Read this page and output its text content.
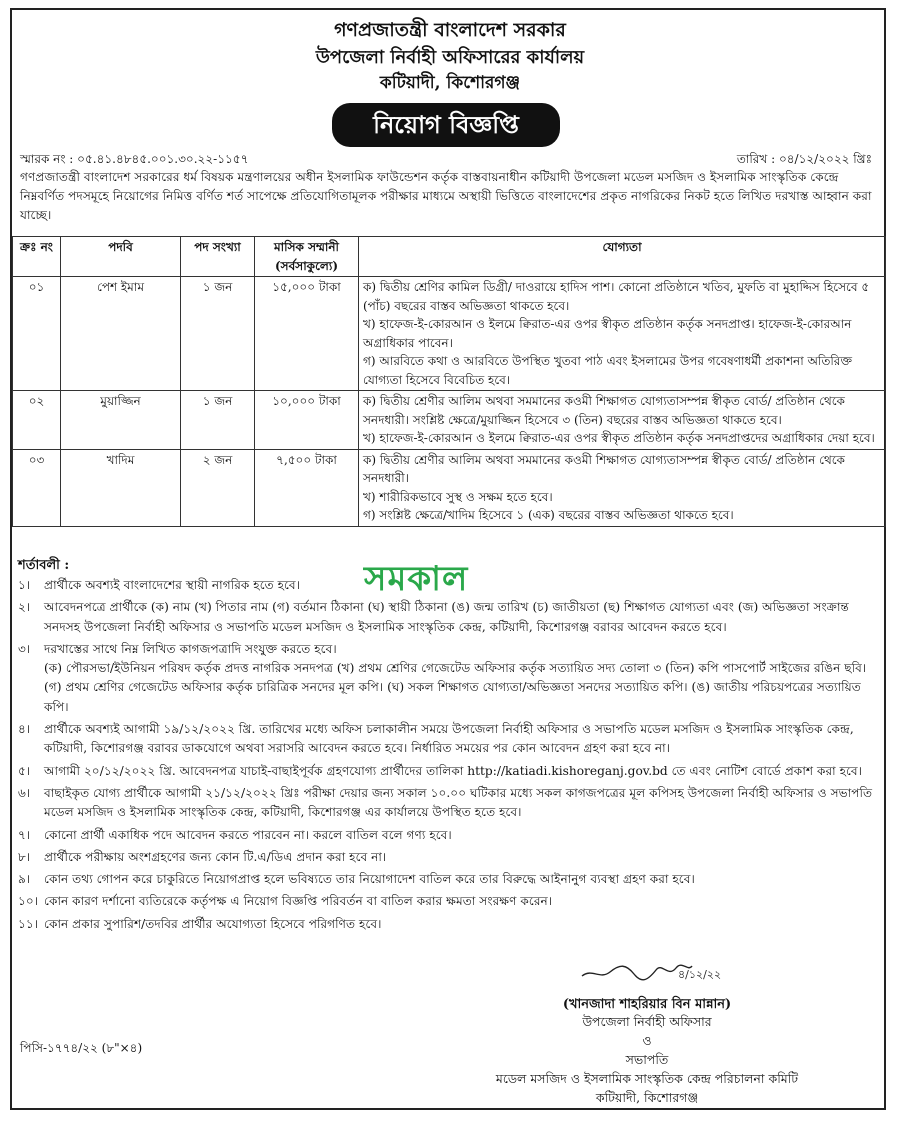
গণপ্রজাতন্ত্রী বাংলাদেশ সরকার
উপজেলা নির্বাহী অফিসারের কার্যালয়
কটিয়াদী, কিশোরগঞ্জ
নিয়োগ বিজ্ঞপ্তি
স্মারক নং : ০৫.৪১.৪৮৪৫.০০১.৩০.২২-১১৫৭	তারিখ : ০৪/১২/২০২২ খ্রিঃ
গণপ্রজাতন্ত্রী বাংলাদেশ সরকারের ধর্ম বিষয়ক মন্ত্রণালয়ের অধীন ইসলামিক ফাউন্ডেশন কর্তৃক বাস্তবায়নাধীন কটিয়াদী উপজেলা মডেল মসজিদ ও ইসলামিক সাংস্কৃতিক কেন্দ্রে নিম্নবর্ণিত পদসমূহে নিয়োগের নিমিত্ত বর্ণিত শর্ত সাপেক্ষে প্রতিযোগিতামূলক পরীক্ষার মাধ্যমে অস্থায়ী ভিত্তিতে বাংলাদেশের প্রকৃত নাগরিকের নিকট হতে লিখিত দরখাস্ত আহ্বান করা যাচ্ছে।
ক্রঃ নং	পদবি	পদ সংখ্যা	মাসিক সম্মানী (সর্বসাকুল্যে)	যোগ্যতা
০১	পেশ ইমাম	১ জন	১৫,০০০ টাকা	ক) দ্বিতীয় শ্রেণির কামিল ডিগ্রী/ দাওরায়ে হাদিস পাশ। কোনো প্রতিষ্ঠানে খতিব, মুফতি বা মুহাদ্দিস হিসেবে ৫ (পাঁচ) বছরের বাস্তব অভিজ্ঞতা থাকতে হবে।
খ) হাফেজ-ই-কোরআন ও ইলমে ক্বিরাত-এর ওপর স্বীকৃত প্রতিষ্ঠান কর্তৃক সনদপ্রাপ্ত। হাফেজ-ই-কোরআন অগ্রাধিকার পাবেন।
গ) আরবিতে কথা ও আরবিতে উপস্থিত খুতবা পাঠ এবং ইসলামের উপর গবেষণাধর্মী প্রকাশনা অতিরিক্ত যোগ্যতা হিসেবে বিবেচিত হবে।

০২	মুয়াজ্জিন	১ জন	১০,০০০ টাকা	ক) দ্বিতীয় শ্রেণীর আলিম অথবা সমমানের কওমী শিক্ষাগত যোগ্যতাসম্পন্ন স্বীকৃত বোর্ড/ প্রতিষ্ঠান থেকে সনদধারী। সংশ্লিষ্ট ক্ষেত্রে/মুয়াজ্জিন হিসেবে ৩ (তিন) বছরের বাস্তব অভিজ্ঞতা থাকতে হবে।
খ) হাফেজ-ই-কোরআন ও ইলমে ক্বিরাত-এর ওপর স্বীকৃত প্রতিষ্ঠান কর্তৃক সনদপ্রাপ্তদের অগ্রাধিকার দেয়া হবে।

০৩	খাদিম	২ জন	৭,৫০০ টাকা	ক) দ্বিতীয় শ্রেণীর আলিম অথবা সমমানের কওমী শিক্ষাগত যোগ্যতাসম্পন্ন স্বীকৃত বোর্ড/ প্রতিষ্ঠান থেকে সনদধারী।
খ) শারীরিকভাবে সুস্থ ও সক্ষম হতে হবে।
গ) সংশ্লিষ্ট ক্ষেত্রে/খাদিম হিসেবে ১ (এক) বছরের বাস্তব অভিজ্ঞতা থাকতে হবে।
শর্তাবলী :	সমকাল
১।	প্রার্থীকে অবশ্যই বাংলাদেশের স্থায়ী নাগরিক হতে হবে।
২।	আবেদনপত্রে প্রার্থীকে (ক) নাম (খ) পিতার নাম (গ) বর্তমান ঠিকানা (ঘ) স্থায়ী ঠিকানা (ঙ) জন্ম তারিখ (চ) জাতীয়তা (ছ) শিক্ষাগত যোগ্যতা এবং (জ) অভিজ্ঞতা সংক্রান্ত সনদসহ উপজেলা নির্বাহী অফিসার ও সভাপতি মডেল মসজিদ ও ইসলামিক সাংস্কৃতিক কেন্দ্র, কটিয়াদী, কিশোরগঞ্জ বরাবর আবেদন করতে হবে।
৩।	দরখাস্তের সাথে নিম্ন লিখিত কাগজপত্রাদি সংযুক্ত করতে হবে।
(ক) পৌরসভা/ইউনিয়ন পরিষদ কর্তৃক প্রদত্ত নাগরিক সনদপত্র (খ) প্রথম শ্রেণির গেজেটেড অফিসার কর্তৃক সত্যায়িত সদ্য তোলা ৩ (তিন) কপি পাসপোর্ট সাইজের রঙিন ছবি। (গ) প্রথম শ্রেণির গেজেটেড অফিসার কর্তৃক চারিত্রিক সনদের মূল কপি। (ঘ) সকল শিক্ষাগত যোগ্যতা/অভিজ্ঞতা সনদের সত্যায়িত কপি। (ঙ) জাতীয় পরিচয়পত্রের সত্যায়িত কপি।
৪।	প্রার্থীকে অবশ্যই আগামী ১৯/১২/২০২২ খ্রি. তারিখের মধ্যে অফিস চলাকালীন সময়ে উপজেলা নির্বাহী অফিসার ও সভাপতি মডেল মসজিদ ও ইসলামিক সাংস্কৃতিক কেন্দ্র, কটিয়াদী, কিশোরগঞ্জ বরাবর ডাকযোগে অথবা সরাসরি আবেদন করতে হবে। নির্ধারিত সময়ের পর কোন আবেদন গ্রহণ করা হবে না।
৫।	আগামী ২০/১২/২০২২ খ্রি. আবেদনপত্র যাচাই-বাছাইপূর্বক গ্রহণযোগ্য প্রার্থীদের তালিকা http://katiadi.kishoreganj.gov.bd তে এবং নোটিশ বোর্ডে প্রকাশ করা হবে।
৬।	বাছাইকৃত যোগ্য প্রার্থীকে আগামী ২১/১২/২০২২ খ্রিঃ পরীক্ষা দেয়ার জন্য সকাল ১০.০০ ঘটিকার মধ্যে সকল কাগজপত্রের মূল কপিসহ উপজেলা নির্বাহী অফিসার ও সভাপতি মডেল মসজিদ ও ইসলামিক সাংস্কৃতিক কেন্দ্র, কটিয়াদী, কিশোরগঞ্জ এর কার্যালয়ে উপস্থিত হতে হবে।
৭।	কোনো প্রার্থী একাধিক পদে আবেদন করতে পারবেন না। করলে বাতিল বলে গণ্য হবে।
৮।	প্রার্থীকে পরীক্ষায় অংশগ্রহণের জন্য কোন টি.এ/ডিএ প্রদান করা হবে না।
৯।	কোন তথ্য গোপন করে চাকুরিতে নিয়োগপ্রাপ্ত হলে ভবিষ্যতে তার নিয়োগাদেশ বাতিল করে তার বিরুদ্ধে আইনানুগ ব্যবস্থা গ্রহণ করা হবে।
১০। কোন কারণ দর্শানো ব্যতিরেকে কর্তৃপক্ষ এ নিয়োগ বিজ্ঞপ্তি পরিবর্তন বা বাতিল করার ক্ষমতা সংরক্ষণ করেন।
১১। কোন প্রকার সুপারিশ/তদবির প্রার্থীর অযোগ্যতা হিসেবে পরিগণিত হবে।
৪/১২/২২
(খানজাদা শাহরিয়ার বিন মান্নান)
উপজেলা নির্বাহী অফিসার
ও
সভাপতি
মডেল মসজিদ ও ইসলামিক সাংস্কৃতিক কেন্দ্র পরিচালনা কমিটি
কটিয়াদী, কিশোরগঞ্জ
পিসি-১৭৭৪/২২ (৮"×৪)
